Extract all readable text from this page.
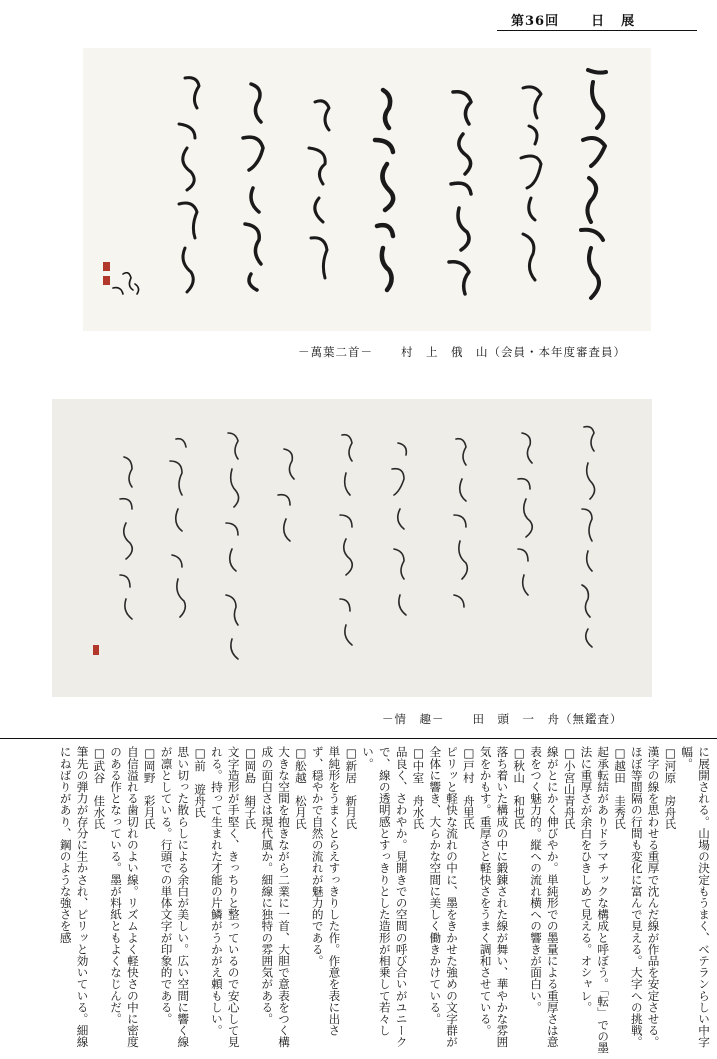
第36回 日 展
－萬葉二首－ 村　上　俄　山（会員・本年度審査員）
－情　趣－ 田　頭　一　舟（無鑑査）

に展開される。山場の決定もうまく、ベテランらしい中字幅。

□河原　房舟氏

漢字の線を思わせる重厚で沈んだ線が作品を安定させる。ほぼ等間隔の行間も変化に富んで見える。大字への挑戦。

□越田　圭秀氏

起承転結がありドラマチックな構成と呼ぼう。「転」での墨法に重厚さが余白をひきしめて見える。オシャレ。

□小宮山青舟氏

線がとにかく伸びやか。単純形での墨量による重厚さは意表をつく魅力的。縦への流れ横への響きが面白い。

□秋山　和也氏

落ち着いた構成の中に鍛錬された線が舞い、華やかな雰囲気をかもす。重厚さと軽快さをうまく調和させている。

□戸村　舟里氏

ピリッと軽快な流れの中に、墨をきかせた強めの文字群が全体に響き、大らかな空間に美しく働きかけている。

□中室　舟水氏

品良く、さわやか。見開きでの空間の呼び合いがユニークで、線の透明感とすっきりとした造形が相乗して若々しい。

□新居　新月氏

単純形をうまくとらえすっきりした作。作意を表に出さず、穏やかで自然の流れが魅力的である。

□舩越　松月氏

大きな空間を抱きながら二業に一首、大胆で意表をつく構成の面白さは現代風か。細線に独特の雰囲気がある。

□岡島　絹子氏

文字造形が手堅く、きっちりと整っているので安心して見れる。持って生まれた才能の片鱗がうかがえ頼もしい。

□前　遊舟氏

思い切った散らしによる余白が美しい。広い空間に響く線が凛としている。行頭での単体文字が印象的である。

□岡野　彩月氏

自信溢れる歯切れのよい線。リズムよく軽快さの中に密度のある作となっている。墨が料紙ともよくなじんだ。

□武谷　佳水氏

筆先の弾力が存分に生かされ、ピリッと効いている。細線にねばりがあり、鋼のような強さを感
